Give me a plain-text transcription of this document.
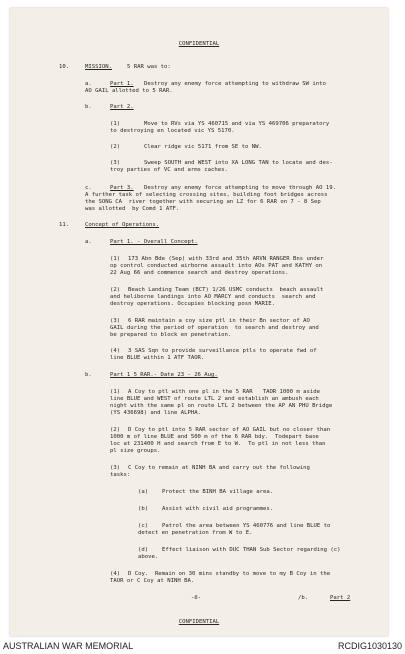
CONFIDENTIAL
10.	MISSION.	5 RAR was to:
a.	Part 1. Destroy any enemy force attempting to withdraw SW into
AO GAIL allotted to 5 RAR.
b.	Part 2.
(1)	Move to RVs via YS 460715 and via YS 469706 preparatory
to destroying en located vic YS 5170.
(2)	Clear ridge vic 5171 from SE to NW.
(3)	Sweep SOUTH and WEST into XA LONG TAN to locate and des-
troy parties of VC and arms caches.
c.	Part 3. Destroy any enemy force attempting to move through AO 19.
A further task of selecting crossing sites, building foot bridges across
the SONG CA  river together with securing an LZ for 6 RAR on 7 - 8 Sep
was allotted  by Comd 1 ATF.
11.	Concept of Operations.
a.	Part 1. - Overall Concept.
(1) 173 Abn Bde (Sep) with 33rd and 35th ARVN RANGER Bns under
op control conducted airborne assault into AOs PAT and KATHY on
22 Aug 66 and commence search and destroy operations.
(2) Beach Landing Team (BCT) 1/26 USMC conducts  beach assault
and heliborne landings into AO MARCY and conducts  search and
destroy operations. Occupies blocking posn MARIE.
(3) 6 RAR maintain a coy size ptl in their Bn sector of AO
GAIL during the period of operation  to search and destroy and
be prepared to block en penetration.
(4) 3 SAS Sqn to provide surveillance ptls to operate fwd of
line BLUE within 1 ATF TAOR.
b.	Part 1 5 RAR.- Date 23 - 26 Aug.
(1) A Coy to ptl with one pl in the 5 RAR   TAOR 1000 m aside
line BLUE and WEST of route LTL 2 and establish an ambush each
night with the same pl on route LTL 2 between the AP AN PHU Bridge
(YS 436698) and line ALPHA.
(2) D Coy to ptl into 5 RAR sector of AO GAIL but no closer than
1000 m of line BLUE and 500 m of the 6 RAR bdy.  Todepart base
loc at 231400 H and search from E to W.  To ptl in not less than
pl size groups.
(3) C Coy to remain at NINH BA and carry out the following
tasks:
(a) Protect the BINH BA village area.
(b) Assist with civil aid programmes.
(c) Patrol the area between YS 460776 and line BLUE to
detect en penetration from W to E.
(d) Effect liaison with DUC THAN Sub Sector regarding (c)
above.
(4) D Coy.  Remain on 30 mins standby to move to my B Coy in the
TAOR or C Coy at NINH BA.
-6-	/b.	Part 2
CONFIDENTIAL
AUSTRALIAN WAR MEMORIAL	RCDIG1030130
